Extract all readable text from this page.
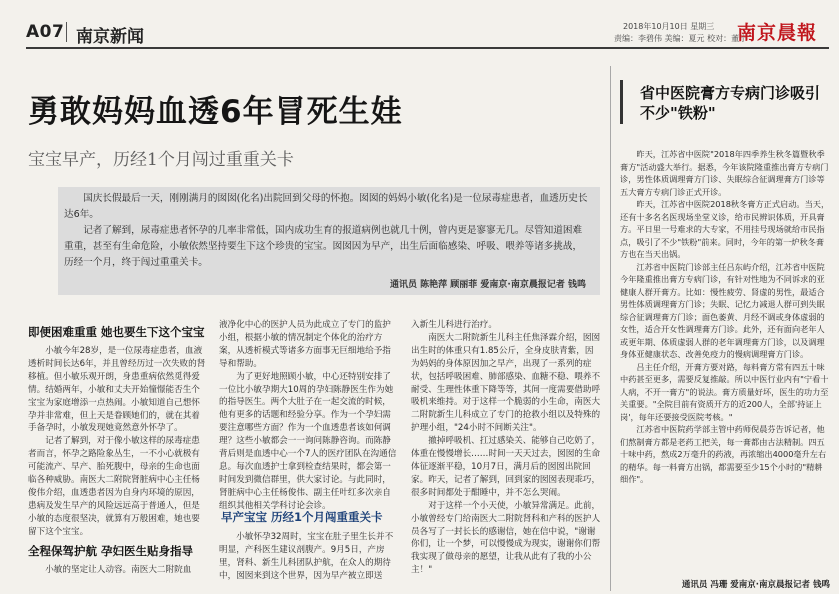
A07 南京新闻
2018年10月10日 星期三
责编：李碧伟 美编：夏元 校对：董宁
南京晨報
勇敢妈妈血透6年冒死生娃
宝宝早产，历经1个月闯过重重关卡

国庆长假最后一天，刚刚满月的囡囡(化名)出院回到父母的怀抱。囡囡的妈妈小敏(化名)是一位尿毒症患者，血透历史长达6年。

记者了解到，尿毒症患者怀孕的几率非常低，国内成功生育的报道病例也就几十例，曾内更是寥寥无几。尽管知道困难重重，甚至有生命危险，小敏依然坚持要生下这个珍贵的宝宝。囡囡因为早产，出生后面临感染、呼吸、喂养等诸多挑战，历经一个月，终于闯过重重关卡。

通讯员 陈艳萍 顾丽菲 爱南京·南京晨报记者 钱鸣
即便困难重重 她也要生下这个宝宝

小敏今年28岁，是一位尿毒症患者，血液透析时间长达6年，并且曾经历过一次失败的肾移植。但小敏乐观开朗，身患重病依然觅得爱情。结婚两年，小敏和丈夫开始憧憬能否生个宝宝为家庭增添一点热闹。小敏知道自己想怀孕并非常难，但上天是眷顾她们的，就在其着手备孕时，小敏发现她竟然意外怀孕了。

记者了解到，对于像小敏这样的尿毒症患者而言，怀孕之路险象丛生，一不小心就极有可能流产、早产、胎死腹中，母亲的生命也面临各种威胁。南医大二附院肾脏病中心主任杨俊伟介绍，血透患者因为自身内环境的原因，患病及发生早产的风险远远高于普通人，但是小敏的态度很坚决，就算有万般困难，她也要留下这个宝宝。

全程保驾护航 孕妇医生贴身指导

小敏的坚定让人动容。南医大二附院血

液净化中心的医护人员为此成立了专门的监护小组，根据小敏的情况制定个体化的治疗方案，从透析模式等诸多方面事无巨细地给予指导和帮助。

为了更好地照顾小敏，中心还特别安排了一位比小敏孕期大10周的孕妇陈静医生作为她的指导医生。两个大肚子在一起交流的时候，他有更多的话题和经验分享。作为一个孕妇需要注意哪些方面？作为一个血透患者该如何调理？这些小敏都会一一询问陈静咨询。而陈静背后则是血透中心一个7人的医疗团队在沟通信息。每次血透护士拿到检查结果时，都会第一时间发到微信群里，供大家讨论。与此同时，肾脏病中心主任杨俊伟、副主任叶红多次亲自组织其他相关学科讨论会诊。

早产宝宝 历经1个月闯重重关卡

小敏怀孕32周时，宝宝在肚子里生长并不明显，产科医生建议剖腹产。9月5日，产房里，肾科、新生儿科团队护航，在众人的期待中，囡囡来到这个世界，因为早产被立即送

入新生儿科进行治疗。

南医大二附院新生儿科主任焦泽霖介绍，囡囡出生时的体重只有1.85公斤，全身皮肤青紫，因为妈妈的身体原因加之早产，出现了一系列的症状，包括呼吸困难、肺部感染、血糖不稳、喂养不耐受、生理性体重下降等等，其间一度需要借助呼吸机来维持。对于这样一个脆弱的小生命，南医大二附院新生儿科成立了专门的抢救小组以及特殊的护理小组，"24小时不间断关注"。

撤掉呼吸机、扛过感染关、能够自己吃奶了，体重在慢慢增长……时间一天天过去，囡囡的生命体征逐渐平稳，10月7日，满月后的囡囡出院回家。昨天，记者了解到，回到家的囡囡表现乖巧，很多时间都处于酣睡中，并不怎么哭闹。

对于这样一个小天使，小敏异常满足。此前，小敏曾经专门给南医大二附院肾科和产科的医护人员各写了一封长长的感谢信，她在信中说，"谢谢你们，让一个梦，可以慢慢成为现实，谢谢你们帮我实现了做母亲的愿望，让我从此有了我的小公主！"

省中医院膏方专病门诊吸引不少"铁粉"

昨天，江苏省中医院"2018年四季养生秋冬篇暨秋季膏方"活动盛大举行。据悉，今年该院隆重推出膏方专病门诊，男性体质调理膏方门诊、失眠综合征调理膏方门诊等五大膏方专病门诊正式开诊。

昨天，江苏省中医院2018秋冬膏方正式启动。当天，还有十多名名医现场坐堂义诊，给市民辨识体质，开具膏方。平日里一号难求的大专家，不用挂号现场就给市民指点，吸引了不少"铁粉"前来。同时，今年的第一炉秋冬膏方也在当天出锅。

江苏省中医院门诊部主任吕东屿介绍，江苏省中医院今年隆重推出膏方专病门诊，有针对性地为不同诉求的亚健康人群开膏方。比如：慢性疲劳、肾虚的男性，最适合男性体质调理膏方门诊；失眠、记忆力减退人群可到失眠综合征调理膏方门诊；面色萎黄、月经不调或身体虚弱的女性，适合开女性调理膏方门诊。此外，还有面向老年人或更年期、体质虚弱人群的老年调理膏方门诊，以及调理身体亚健康状态、改善免疫力的慢病调理膏方门诊。

吕主任介绍，开膏方要对路，每料膏方常有四五十味中药甚至更多，需要反复推敲。所以中医行业内有"宁看十人病，不开一膏方"的说法。膏方质量好坏，医生的功力至关重要。"全院目前有资质开方的近200人，全部'持证上岗'，每年还要接受医院考核。"

江苏省中医院药学部主管中药师倪晨芬告诉记者，他们熬制膏方都是老药工把关，每一膏都由古法精制。四五十味中药，熬成2万毫升的药液，再浓缩出4000毫升左右的精华。每一料膏方出锅，都需要至少15个小时的"精耕细作"。

通讯员 冯珊 爱南京·南京晨报记者 钱鸣
